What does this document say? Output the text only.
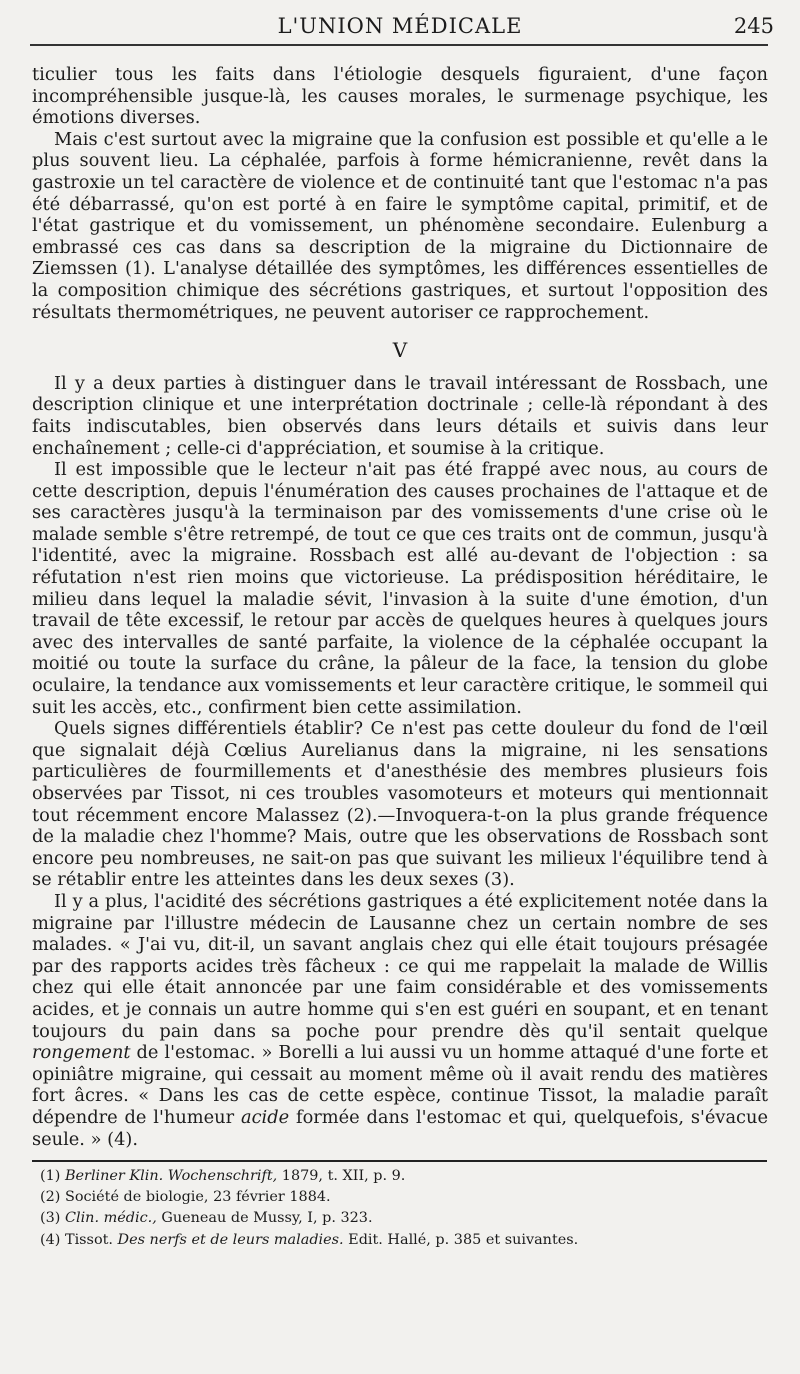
L'UNION MÉDICALE	245

ticulier tous les faits dans l'étiologie desquels figuraient, d'une façon incompréhensible jusque-là, les causes morales, le surmenage psychique, les émotions diverses.

Mais c'est surtout avec la migraine que la confusion est possible et qu'elle a le plus souvent lieu. La céphalée, parfois à forme hémicranienne, revêt dans la gastroxie un tel caractère de violence et de continuité tant que l'estomac n'a pas été débarrassé, qu'on est porté à en faire le symptôme capital, primitif, et de l'état gastrique et du vomissement, un phénomène secondaire. Eulenburg a embrassé ces cas dans sa description de la migraine du Dictionnaire de Ziemssen (1). L'analyse détaillée des symptômes, les différences essentielles de la composition chimique des sécrétions gastriques, et surtout l'opposition des résultats thermométriques, ne peuvent autoriser ce rapprochement.

V

Il y a deux parties à distinguer dans le travail intéressant de Rossbach, une description clinique et une interprétation doctrinale ; celle-là répondant à des faits indiscutables, bien observés dans leurs détails et suivis dans leur enchaînement ; celle-ci d'appréciation, et soumise à la critique.

Il est impossible que le lecteur n'ait pas été frappé avec nous, au cours de cette description, depuis l'énumération des causes prochaines de l'attaque et de ses caractères jusqu'à la terminaison par des vomissements d'une crise où le malade semble s'être retrempé, de tout ce que ces traits ont de commun, jusqu'à l'identité, avec la migraine. Rossbach est allé au-devant de l'objection : sa réfutation n'est rien moins que victorieuse. La prédisposition héréditaire, le milieu dans lequel la maladie sévit, l'invasion à la suite d'une émotion, d'un travail de tête excessif, le retour par accès de quelques heures à quelques jours avec des intervalles de santé parfaite, la violence de la céphalée occupant la moitié ou toute la surface du crâne, la pâleur de la face, la tension du globe oculaire, la tendance aux vomissements et leur caractère critique, le sommeil qui suit les accès, etc., confirment bien cette assimilation.

Quels signes différentiels établir? Ce n'est pas cette douleur du fond de l'œil que signalait déjà Cœlius Aurelianus dans la migraine, ni les sensations particulières de fourmillements et d'anesthésie des membres plusieurs fois observées par Tissot, ni ces troubles vasomoteurs et moteurs qui mentionnait tout récemment encore Malassez (2).—Invoquera-t-on la plus grande fréquence de la maladie chez l'homme? Mais, outre que les observations de Rossbach sont encore peu nombreuses, ne sait-on pas que suivant les milieux l'équilibre tend à se rétablir entre les atteintes dans les deux sexes (3).

Il y a plus, l'acidité des sécrétions gastriques a été explicitement notée dans la migraine par l'illustre médecin de Lausanne chez un certain nombre de ses malades. « J'ai vu, dit-il, un savant anglais chez qui elle était toujours présagée par des rapports acides très fâcheux : ce qui me rappelait la malade de Willis chez qui elle était annoncée par une faim considérable et des vomissements acides, et je connais un autre homme qui s'en est guéri en soupant, et en tenant toujours du pain dans sa poche pour prendre dès qu'il sentait quelque rongement de l'estomac. » Borelli a lui aussi vu un homme attaqué d'une forte et opiniâtre migraine, qui cessait au moment même où il avait rendu des matières fort âcres. « Dans les cas de cette espèce, continue Tissot, la maladie paraît dépendre de l'humeur acide formée dans l'estomac et qui, quelquefois, s'évacue seule. » (4).

(1) Berliner Klin. Wochenschrift, 1879, t. XII, p. 9.
(2) Société de biologie, 23 février 1884.
(3) Clin. médic., Gueneau de Mussy, I, p. 323.
(4) Tissot. Des nerfs et de leurs maladies. Edit. Hallé, p. 385 et suivantes.
